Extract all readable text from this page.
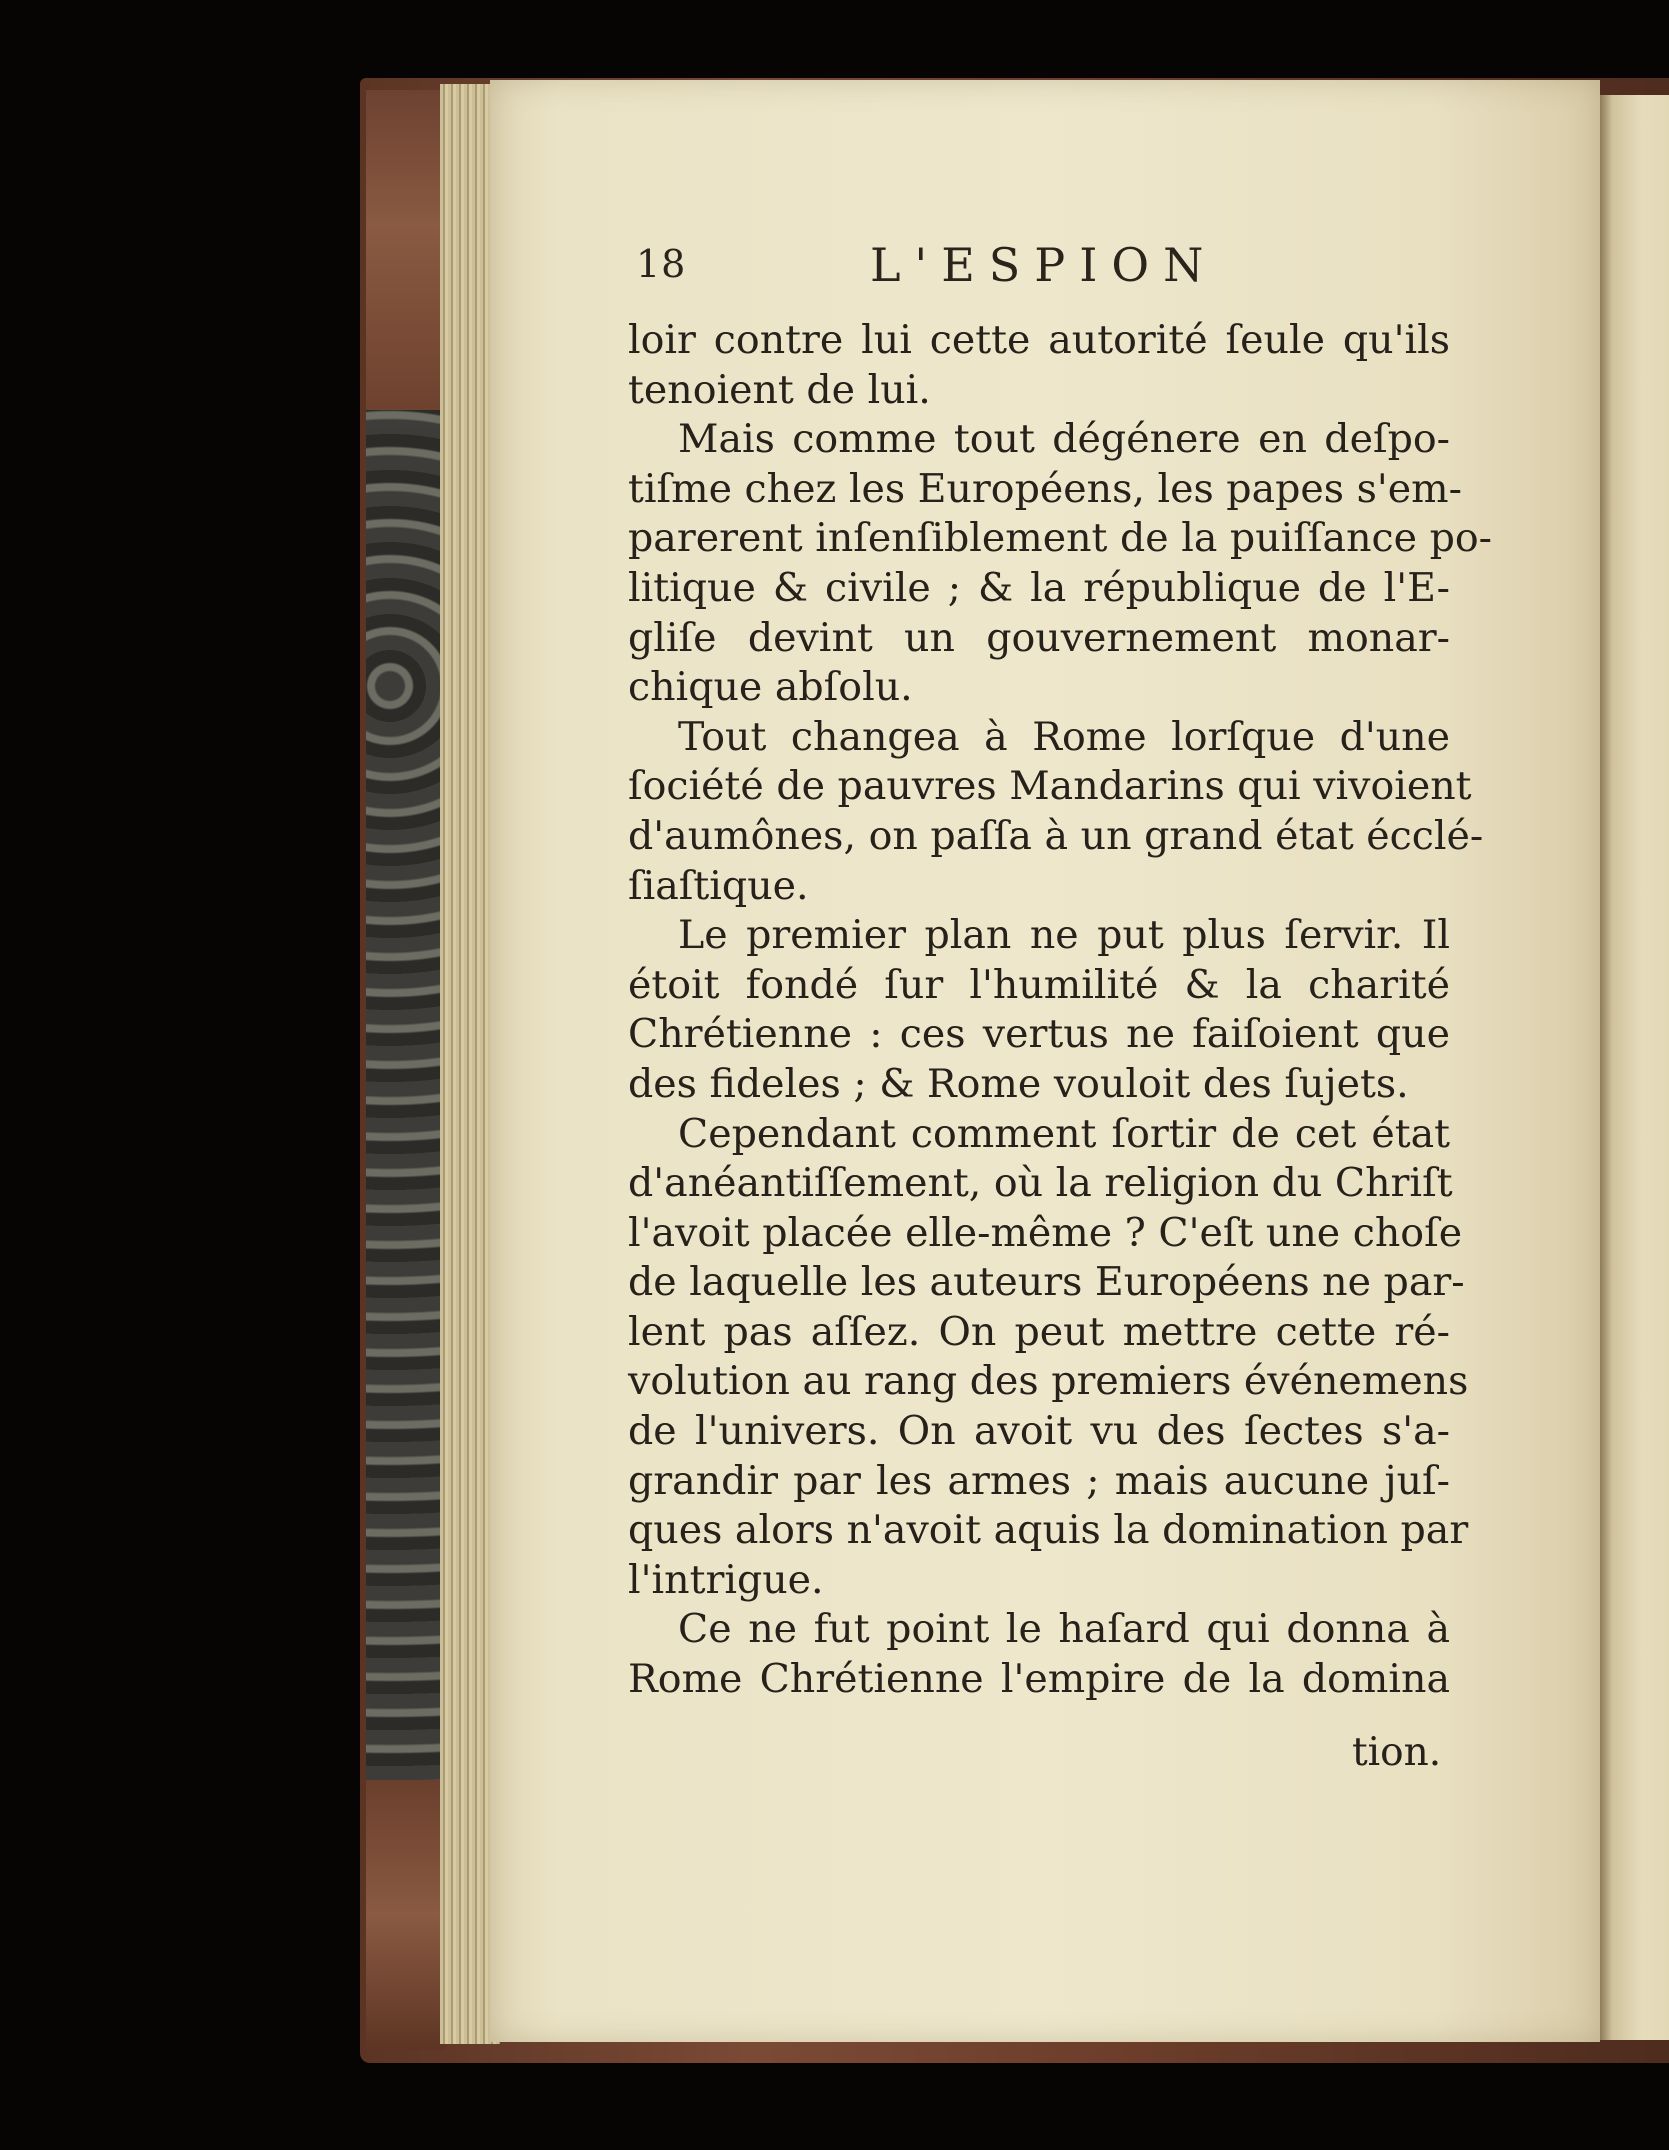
18	L'ESPION

loir contre lui cette autorité ſeule qu'ils
tenoient de lui.

Mais comme tout dégénere en deſpo-
tiſme chez les Européens, les papes s'em-
parerent inſenſiblement de la puiſſance po-
litique & civile ; & la république de l'E-
gliſe devint un gouvernement monar-
chique abſolu.

Tout changea à Rome lorſque d'une
ſociété de pauvres Mandarins qui vivoient
d'aumônes, on paſſa à un grand état écclé-
ſiaſtique.

Le premier plan ne put plus ſervir. Il
étoit fondé ſur l'humilité & la charité
Chrétienne : ces vertus ne faiſoient que
des fideles ; & Rome vouloit des ſujets.

Cependant comment ſortir de cet état
d'anéantiſſement, où la religion du Chriſt
l'avoit placée elle-même ? C'eſt une choſe
de laquelle les auteurs Européens ne par-
lent pas aſſez. On peut mettre cette ré-
volution au rang des premiers événemens
de l'univers. On avoit vu des ſectes s'a-
grandir par les armes ; mais aucune juſ-
ques alors n'avoit aquis la domination par
l'intrigue.

Ce ne fut point le haſard qui donna à
Rome Chrétienne l'empire de la domina

tion.
